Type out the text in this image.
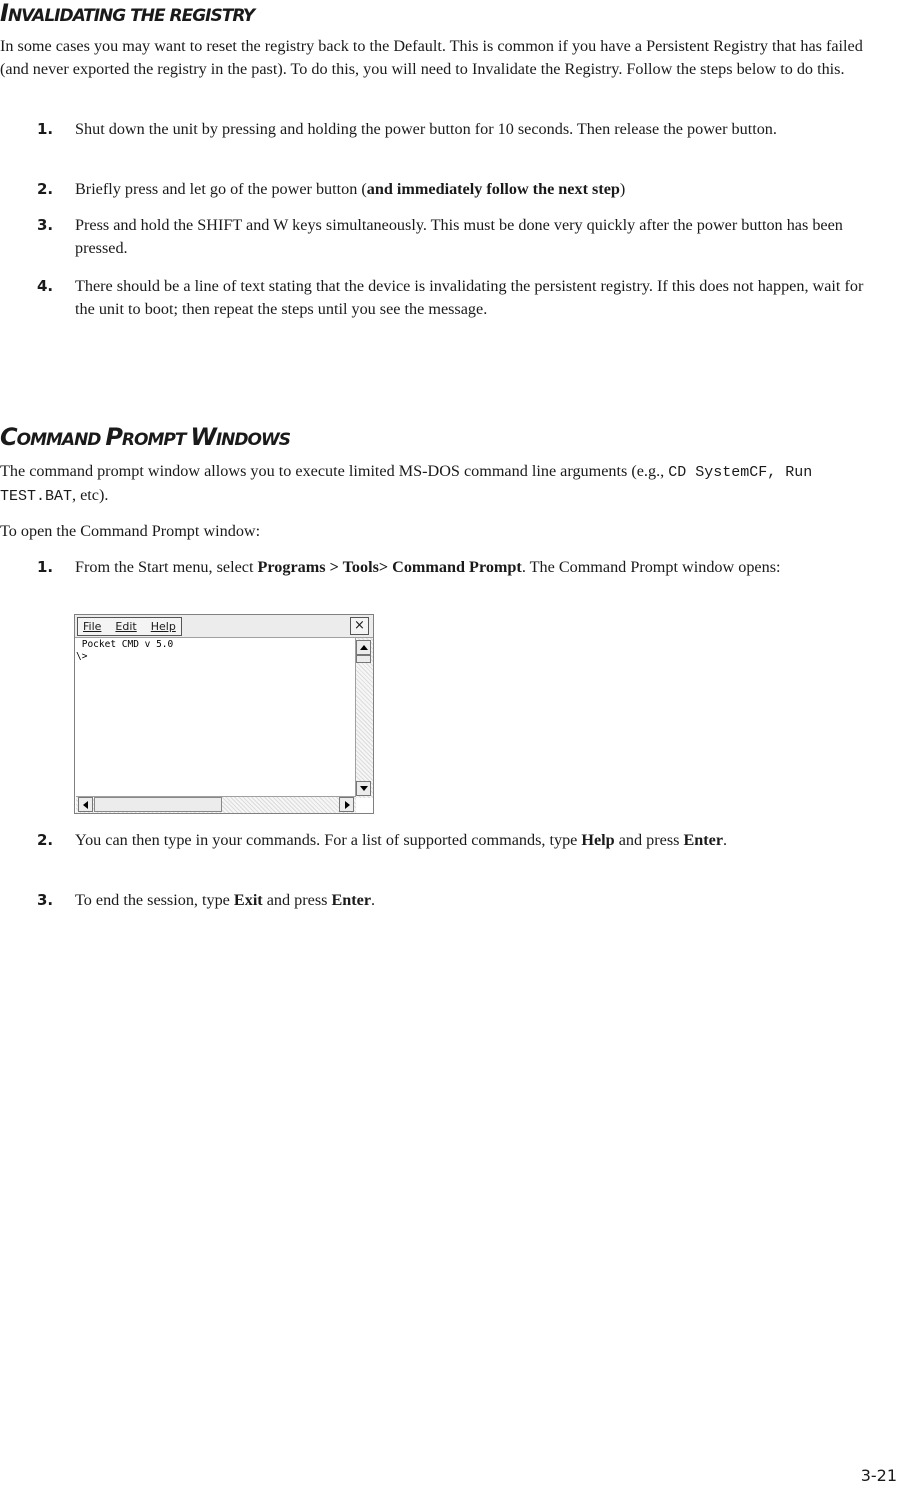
INVALIDATING THE REGISTRY

In some cases you may want to reset the registry back to the Default. This is common if you have a Persistent Registry that has failed (and never exported the registry in the past). To do this, you will need to Invalidate the Registry. Follow the steps below to do this.

1. Shut down the unit by pressing and holding the power button for 10 seconds. Then release the power button.
2. Briefly press and let go of the power button (and immediately follow the next step)
3. Press and hold the SHIFT and W keys simultaneously. This must be done very quickly after the power button has been pressed.
4. There should be a line of text stating that the device is invalidating the persistent registry. If this does not happen, wait for the unit to boot; then repeat the steps until you see the message.
COMMAND PROMPT WINDOWS

The command prompt window allows you to execute limited MS-DOS command line arguments (e.g., CD SystemCF, Run TEST.BAT, etc).

To open the Command Prompt window:

1. From the Start menu, select Programs > Tools> Command Prompt. The Command Prompt window opens:
File Edit Help	×
Pocket CMD v 5.0
\>
2. You can then type in your commands. For a list of supported commands, type Help and press Enter.
3. To end the session, type Exit and press Enter.
3-21
